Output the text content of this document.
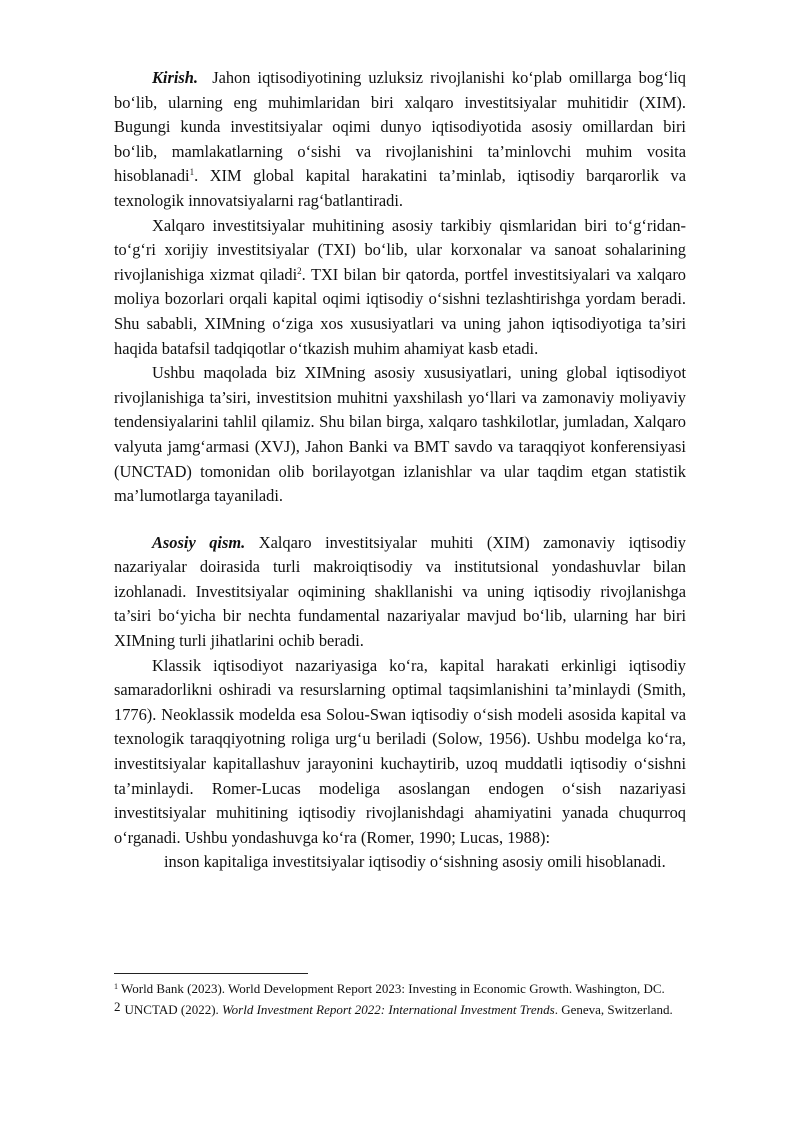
Kirish. Jahon iqtisodiyotining uzluksiz rivojlanishi ko‘plab omillarga bog‘liq bo‘lib, ularning eng muhimlaridan biri xalqaro investitsiyalar muhitidir (XIM). Bugungi kunda investitsiyalar oqimi dunyo iqtisodiyotida asosiy omillardan biri bo‘lib, mamlakatlarning o‘sishi va rivojlanishini ta’minlovchi muhim vosita hisoblanadi$^1$. XIM global kapital harakatini ta’minlab, iqtisodiy barqarorlik va texnologik innovatsiyalarni rag‘batlantiradi.

Xalqaro investitsiyalar muhitining asosiy tarkibiy qismlaridan biri to‘g‘ridan-to‘g‘ri xorijiy investitsiyalar (TXI) bo‘lib, ular korxonalar va sanoat sohalarining rivojlanishiga xizmat qiladi$^2$. TXI bilan bir qatorda, portfel investitsiyalari va xalqaro moliya bozorlari orqali kapital oqimi iqtisodiy o‘sishni tezlashtirishga yordam beradi. Shu sababli, XIMning o‘ziga xos xususiyatlari va uning jahon iqtisodiyotiga ta’siri haqida batafsil tadqiqotlar o‘tkazish muhim ahamiyat kasb etadi.

Ushbu maqolada biz XIMning asosiy xususiyatlari, uning global iqtisodiyot rivojlanishiga ta’siri, investitsion muhitni yaxshilash yo‘llari va zamonaviy moliyaviy tendensiyalarini tahlil qilamiz. Shu bilan birga, xalqaro tashkilotlar, jumladan, Xalqaro valyuta jamg‘armasi (XVJ), Jahon Banki va BMT savdo va taraqqiyot konferensiyasi (UNCTAD) tomonidan olib borilayotgan izlanishlar va ular taqdim etgan statistik ma’lumotlarga tayaniladi.

Asosiy qism. Xalqaro investitsiyalar muhiti (XIM) zamonaviy iqtisodiy nazariyalar doirasida turli makroiqtisodiy va institutsional yondashuvlar bilan izohlanadi. Investitsiyalar oqimining shakllanishi va uning iqtisodiy rivojlanishga ta’siri bo‘yicha bir nechta fundamental nazariyalar mavjud bo‘lib, ularning har biri XIMning turli jihatlarini ochib beradi.

Klassik iqtisodiyot nazariyasiga ko‘ra, kapital harakati erkinligi iqtisodiy samaradorlikni oshiradi va resurslarning optimal taqsimlanishini ta’minlaydi (Smith, 1776). Neoklassik modelda esa Solou-Swan iqtisodiy o‘sish modeli asosida kapital va texnologik taraqqiyotning roliga urg‘u beriladi (Solow, 1956). Ushbu modelga ko‘ra, investitsiyalar kapitallashuv jarayonini kuchaytirib, uzoq muddatli iqtisodiy o‘sishni ta’minlaydi. Romer-Lucas modeliga asoslangan endogen o‘sish nazariyasi investitsiyalar muhitining iqtisodiy rivojlanishdagi ahamiyatini yanada chuqurroq o‘rganadi. Ushbu yondashuvga ko‘ra (Romer, 1990; Lucas, 1988):

inson kapitaliga investitsiyalar iqtisodiy o‘sishning asosiy omili hisoblanadi.

$^1$ World Bank (2023). World Development Report 2023: Investing in Economic Growth. Washington, DC.

2 UNCTAD (2022). World Investment Report 2022: International Investment Trends. Geneva, Switzerland.
